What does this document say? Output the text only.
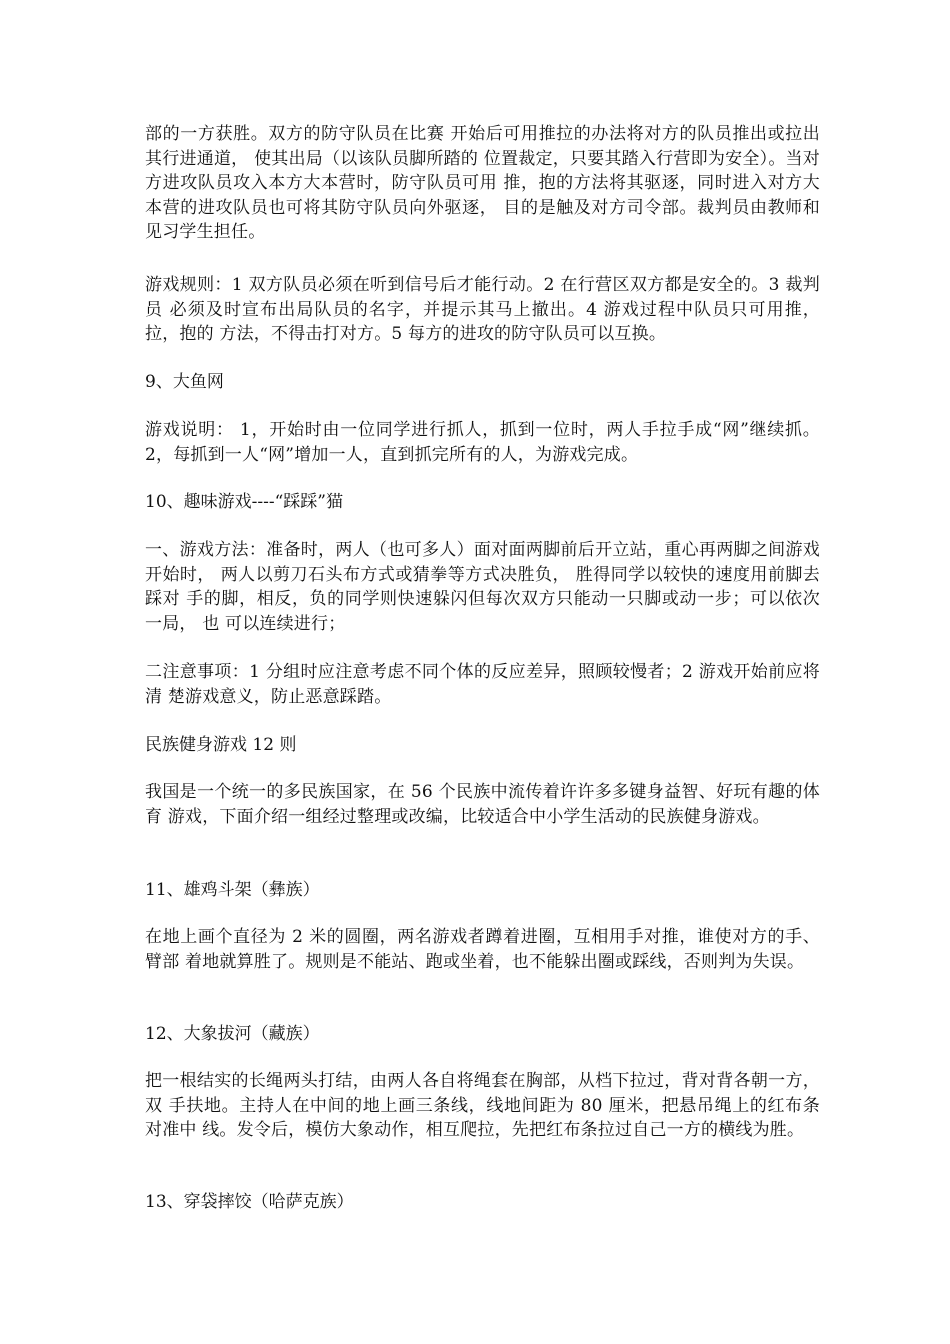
部的一方获胜。双方的防守队员在比赛 开始后可用推拉的办法将对方的队员推出或拉出其行进通道， 使其出局（以该队员脚所踏的 位置裁定，只要其踏入行营即为安全）。当对方进攻队员攻入本方大本营时，防守队员可用 推，抱的方法将其驱逐，同时进入对方大本营的进攻队员也可将其防守队员向外驱逐， 目的是触及对方司令部。裁判员由教师和见习学生担任。

游戏规则：1 双方队员必须在听到信号后才能行动。2 在行营区双方都是安全的。3 裁判员 必须及时宣布出局队员的名字，并提示其马上撤出。4 游戏过程中队员只可用推，拉，抱的 方法，不得击打对方。5 每方的进攻的防守队员可以互换。

9、大鱼网

游戏说明： 1，开始时由一位同学进行抓人，抓到一位时，两人手拉手成“网”继续抓。 2，每抓到一人“网”增加一人，直到抓完所有的人，为游戏完成。

10、趣味游戏----“踩踩”猫

一、游戏方法：准备时，两人（也可多人）面对面两脚前后开立站，重心再两脚之间游戏 开始时， 两人以剪刀石头布方式或猜拳等方式决胜负， 胜得同学以较快的速度用前脚去踩对 手的脚，相反，负的同学则快速躲闪但每次双方只能动一只脚或动一步；可以依次一局， 也 可以连续进行；

二注意事项：1 分组时应注意考虑不同个体的反应差异，照顾较慢者；2 游戏开始前应将清 楚游戏意义，防止恶意踩踏。

民族健身游戏 12 则

我国是一个统一的多民族国家，在 56 个民族中流传着许许多多键身益智、好玩有趣的体育 游戏，下面介绍一组经过整理或改编，比较适合中小学生活动的民族健身游戏。

11、雄鸡斗架（彝族）

在地上画个直径为 2 米的圆圈，两名游戏者蹲着进圈，互相用手对推，谁使对方的手、臂部 着地就算胜了。规则是不能站、跑或坐着，也不能躲出圈或踩线，否则判为失误。

12、大象拔河（藏族）

把一根结实的长绳两头打结，由两人各自将绳套在胸部，从档下拉过，背对背各朝一方，双 手扶地。主持人在中间的地上画三条线，线地间距为 80 厘米，把悬吊绳上的红布条对准中 线。发令后，模仿大象动作，相互爬拉，先把红布条拉过自己一方的横线为胜。

13、穿袋摔饺（哈萨克族）
